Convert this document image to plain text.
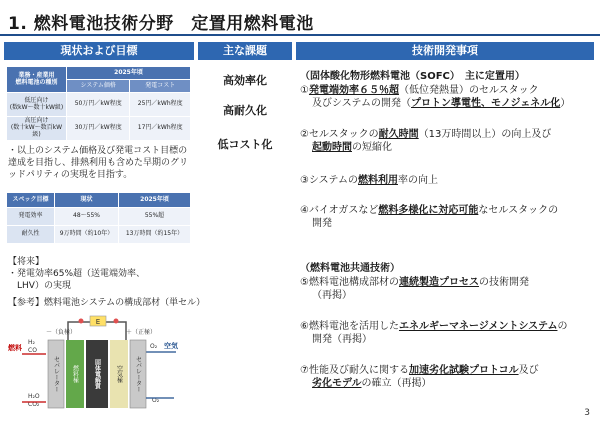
1. 燃料電池技術分野　定置用燃料電池
現状および目標	主な課題	技術開発事項
業務・産業用
燃料電池の種別	2025年頃	
	システム価格	発電コスト
低圧向け
(数kW～数十kW級)	50万円／kW程度	25円／kWh程度
高圧向け
(数十kW～数百kW級)	30万円／kW程度	17円／kWh程度
・以上のシステム価格及び発電コスト目標の達成を目指し、排熱利用も含めた早期のグリッドパリティの実現を目指す。
スペック目標	現状	2025年頃
発電効率	48～55%	55%超
耐久性	9万時間（約10年）	13万時間（約15年）
【将来】
・発電効率65%超（送電端効率、
　LHV）の実現
【参考】燃料電池システムの構成部材（単セル）
E
－（負極）	＋（正極）
燃料
H₂
CO
O₂ 空気
セパレーター 燃料極	固体電解質	空気極 セパレーター
H₂O
CO₂
O₂
高効率化
高耐久化
低コスト化
（固体酸化物形燃料電池（SOFC）　主に定置用）
①発電端効率６５％超（低位発熱量）のセルスタック
及びシステムの開発（プロトン導電性、モノジェネル化）
②セルスタックの耐久時間（13万時間以上）の向上及び
起動時間の短縮化
③システムの燃料利用率の向上
④バイオガスなど燃料多様化に対応可能なセルスタックの
開発
（燃料電池共通技術）
⑤燃料電池構成部材の連続製造プロセスの技術開発
（再掲）
⑥燃料電池を活用したエネルギーマネージメントシステムの
開発（再掲）
⑦性能及び耐久に関する加速劣化試験プロトコル及び
劣化モデルの確立（再掲）
3
